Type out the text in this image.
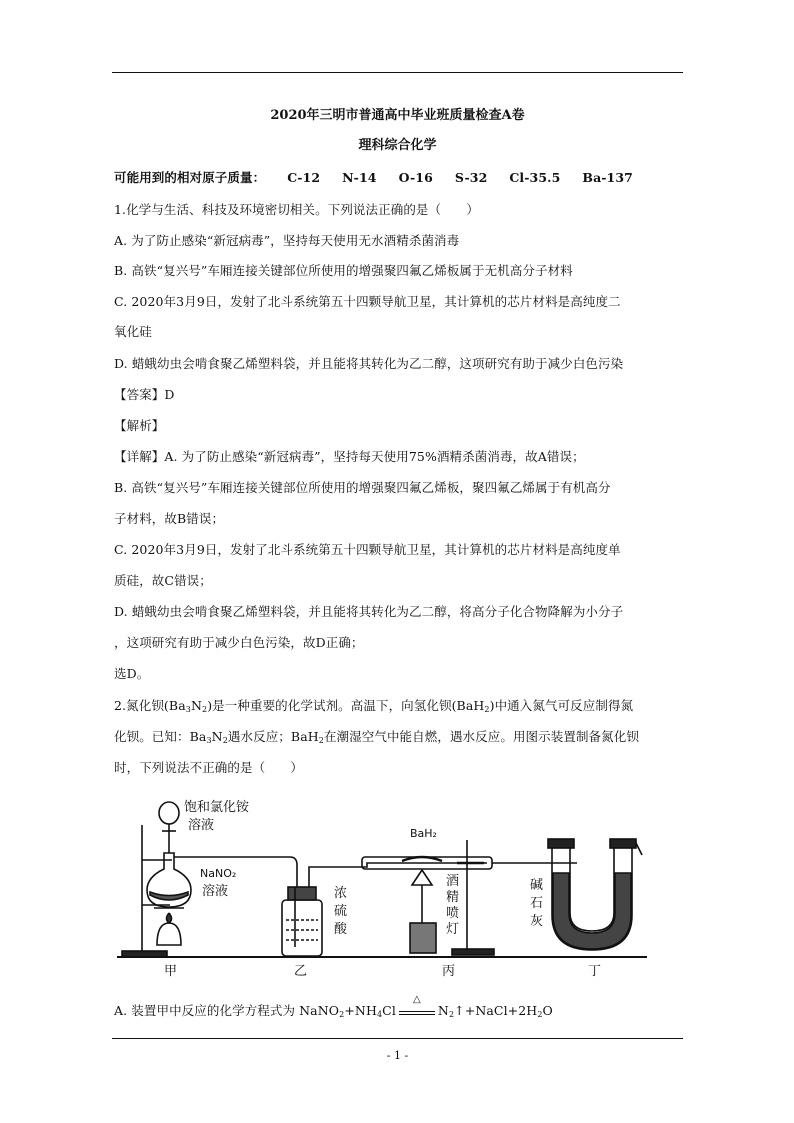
2020年三明市普通高中毕业班质量检查A卷
理科综合化学
可能用到的相对原子质量： C-12 N-14 O-16 S-32 Cl-35.5 Ba-137
1.化学与生活、科技及环境密切相关。下列说法正确的是（　　）
A. 为了防止感染“新冠病毒”，坚持每天使用无水酒精杀菌消毒
B. 高铁“复兴号”车厢连接关键部位所使用的增强聚四氟乙烯板属于无机高分子材料
C. 2020年3月9日，发射了北斗系统第五十四颗导航卫星，其计算机的芯片材料是高纯度二
氧化硅
D. 蜡蛾幼虫会啃食聚乙烯塑料袋，并且能将其转化为乙二醇，这项研究有助于减少白色污染
【答案】D
【解析】
【详解】A. 为了防止感染“新冠病毒”，坚持每天使用75%酒精杀菌消毒，故A错误；
B. 高铁“复兴号”车厢连接关键部位所使用的增强聚四氟乙烯板，聚四氟乙烯属于有机高分
子材料，故B错误；
C. 2020年3月9日，发射了北斗系统第五十四颗导航卫星，其计算机的芯片材料是高纯度单
质硅，故C错误；
D. 蜡蛾幼虫会啃食聚乙烯塑料袋，并且能将其转化为乙二醇，将高分子化合物降解为小分子
，这项研究有助于减少白色污染，故D正确；
选D。
2.氮化钡$(Ba_3N_2)$是一种重要的化学试剂。高温下，向氢化钡(BaH$_2$)中通入氮气可反应制得氮
化钡。已知：$Ba_3N_2$遇水反应；BaH$_2$在潮湿空气中能自燃，遇水反应。用图示装置制备氮化钡
时，下列说法不正确的是（　　）
饱和氯化铵
溶液
NaNO₂
溶液
BaH₂
浓
硫
酸
酒
精
喷
灯
碱
石
灰
甲	乙	丙	丁
A. 装置甲中反应的化学方程式为 $NaNO_2+NH_4Cl$
△
$N_2↑+NaCl+2H_2O$
- 1 -
